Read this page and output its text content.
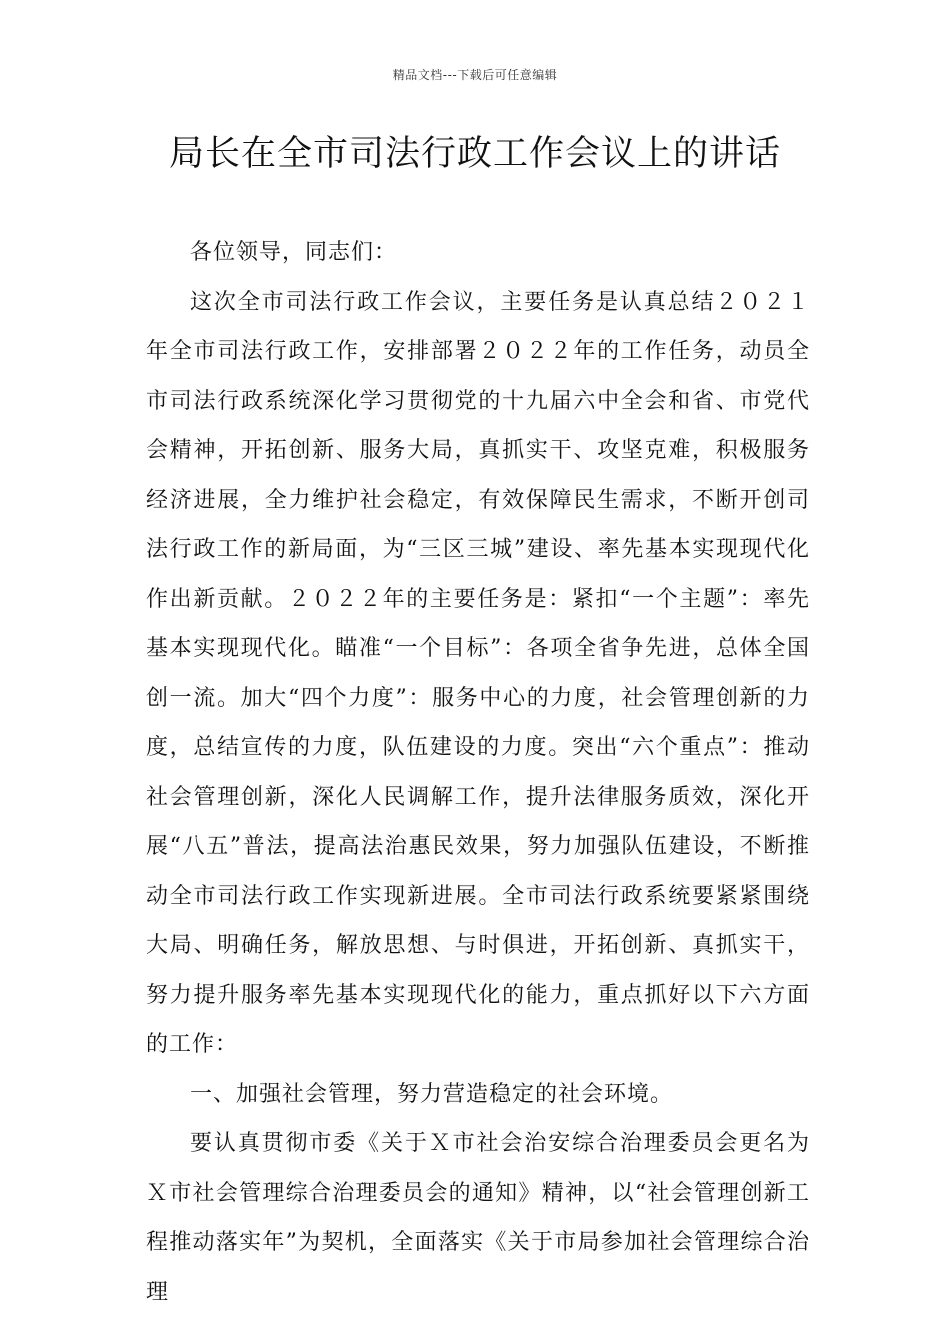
精品文档---下载后可任意编辑
局长在全市司法行政工作会议上的讲话

各位领导，同志们：

这次全市司法行政工作会议，主要任务是认真总结２０２１年全市司法行政工作，安排部署２０２２年的工作任务，动员全市司法行政系统深化学习贯彻党的十九届六中全会和省、市党代会精神，开拓创新、服务大局，真抓实干、攻坚克难，积极服务经济进展，全力维护社会稳定，有效保障民生需求，不断开创司法行政工作的新局面，为“三区三城”建设、率先基本实现现代化作出新贡献。２０２２年的主要任务是：紧扣“一个主题”：率先基本实现现代化。瞄准“一个目标”：各项全省争先进，总体全国创一流。加大“四个力度”：服务中心的力度，社会管理创新的力度，总结宣传的力度，队伍建设的力度。突出“六个重点”：推动社会管理创新，深化人民调解工作，提升法律服务质效，深化开展“八五”普法，提高法治惠民效果，努力加强队伍建设，不断推动全市司法行政工作实现新进展。全市司法行政系统要紧紧围绕大局、明确任务，解放思想、与时俱进，开拓创新、真抓实干，努力提升服务率先基本实现现代化的能力，重点抓好以下六方面的工作：

一、加强社会管理，努力营造稳定的社会环境。

要认真贯彻市委《关于Ｘ市社会治安综合治理委员会更名为Ｘ市社会管理综合治理委员会的通知》精神，以“社会管理创新工程推动落实年”为契机，全面落实《关于市局参加社会管理综合治理
